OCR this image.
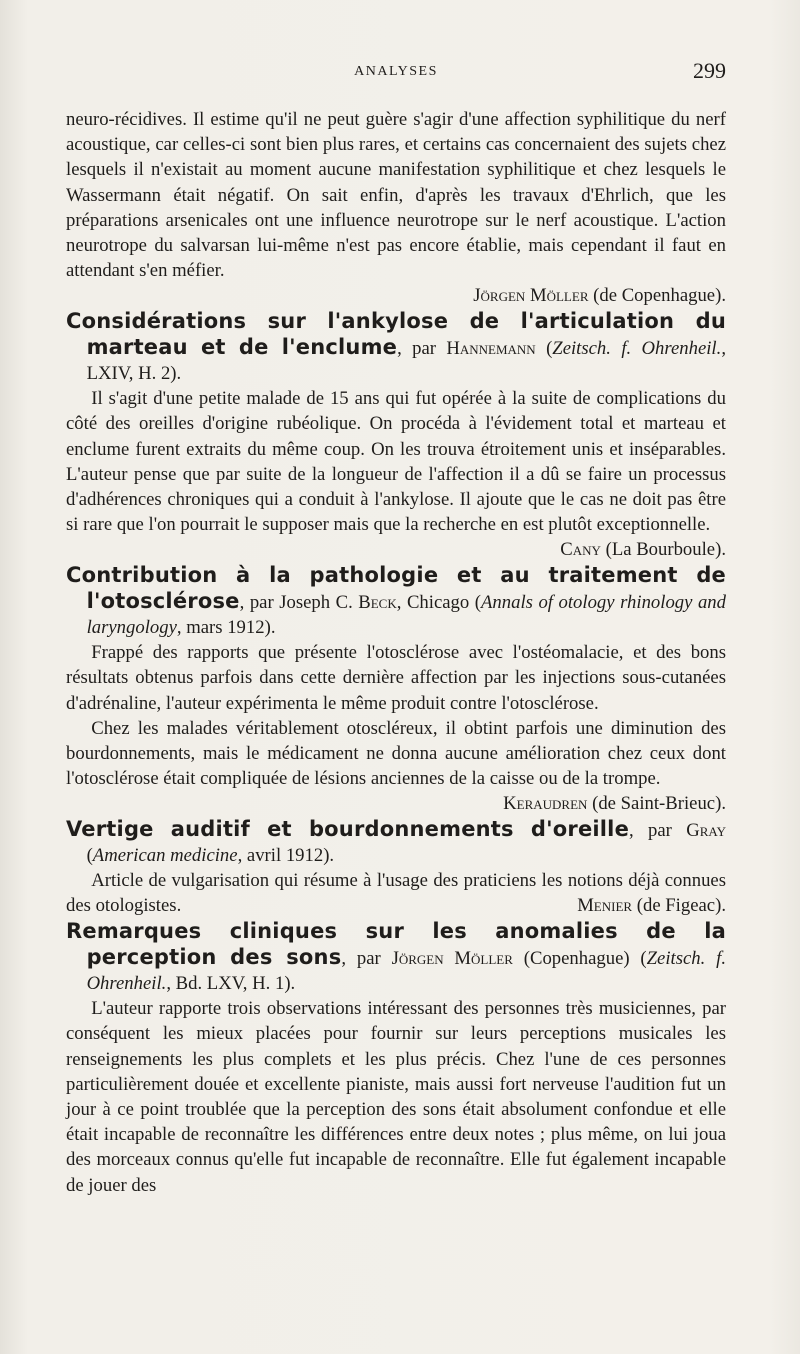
ANALYSES	299

neuro-récidives. Il estime qu'il ne peut guère s'agir d'une affection syphilitique du nerf acoustique, car celles-ci sont bien plus rares, et certains cas concernaient des sujets chez lesquels il n'existait au moment aucune manifestation syphilitique et chez lesquels le Wassermann était négatif. On sait enfin, d'après les travaux d'Ehrlich, que les préparations arsenicales ont une influence neurotrope sur le nerf acoustique. L'action neurotrope du salvarsan lui-même n'est pas encore établie, mais cependant il faut en attendant s'en méfier.

Jörgen Möller (de Copenhague).

Considérations sur l'ankylose de l'articulation du marteau et de l'enclume, par Hannemann (Zeitsch. f. Ohrenheil., LXIV, H. 2).

Il s'agit d'une petite malade de 15 ans qui fut opérée à la suite de complications du côté des oreilles d'origine rubéolique. On procéda à l'évidement total et marteau et enclume furent extraits du même coup. On les trouva étroitement unis et inséparables. L'auteur pense que par suite de la longueur de l'affection il a dû se faire un processus d'adhérences chroniques qui a conduit à l'ankylose. Il ajoute que le cas ne doit pas être si rare que l'on pourrait le supposer mais que la recherche en est plutôt exceptionnelle.
Cany (La Bourboule).

Contribution à la pathologie et au traitement de l'otosclérose, par Joseph C. Beck, Chicago (Annals of otology rhinology and laryngology, mars 1912).

Frappé des rapports que présente l'otosclérose avec l'ostéomalacie, et des bons résultats obtenus parfois dans cette dernière affection par les injections sous-cutanées d'adrénaline, l'auteur expérimenta le même produit contre l'otosclérose.

Chez les malades véritablement otoscléreux, il obtint parfois une diminution des bourdonnements, mais le médicament ne donna aucune amélioration chez ceux dont l'otosclérose était compliquée de lésions anciennes de la caisse ou de la trompe.

Keraudren (de Saint-Brieuc).

Vertige auditif et bourdonnements d'oreille, par Gray (American medicine, avril 1912).

Article de vulgarisation qui résume à l'usage des praticiens les notions déjà connues des otologistes.	Menier (de Figeac).

Remarques cliniques sur les anomalies de la perception des sons, par Jörgen Möller (Copenhague) (Zeitsch. f. Ohrenheil., Bd. LXV, H. 1).

L'auteur rapporte trois observations intéressant des personnes très musiciennes, par conséquent les mieux placées pour fournir sur leurs perceptions musicales les renseignements les plus complets et les plus précis. Chez l'une de ces personnes particulièrement douée et excellente pianiste, mais aussi fort nerveuse l'audition fut un jour à ce point troublée que la perception des sons était absolument confondue et elle était incapable de reconnaître les différences entre deux notes ; plus même, on lui joua des morceaux connus qu'elle fut incapable de reconnaître. Elle fut également incapable de jouer des
